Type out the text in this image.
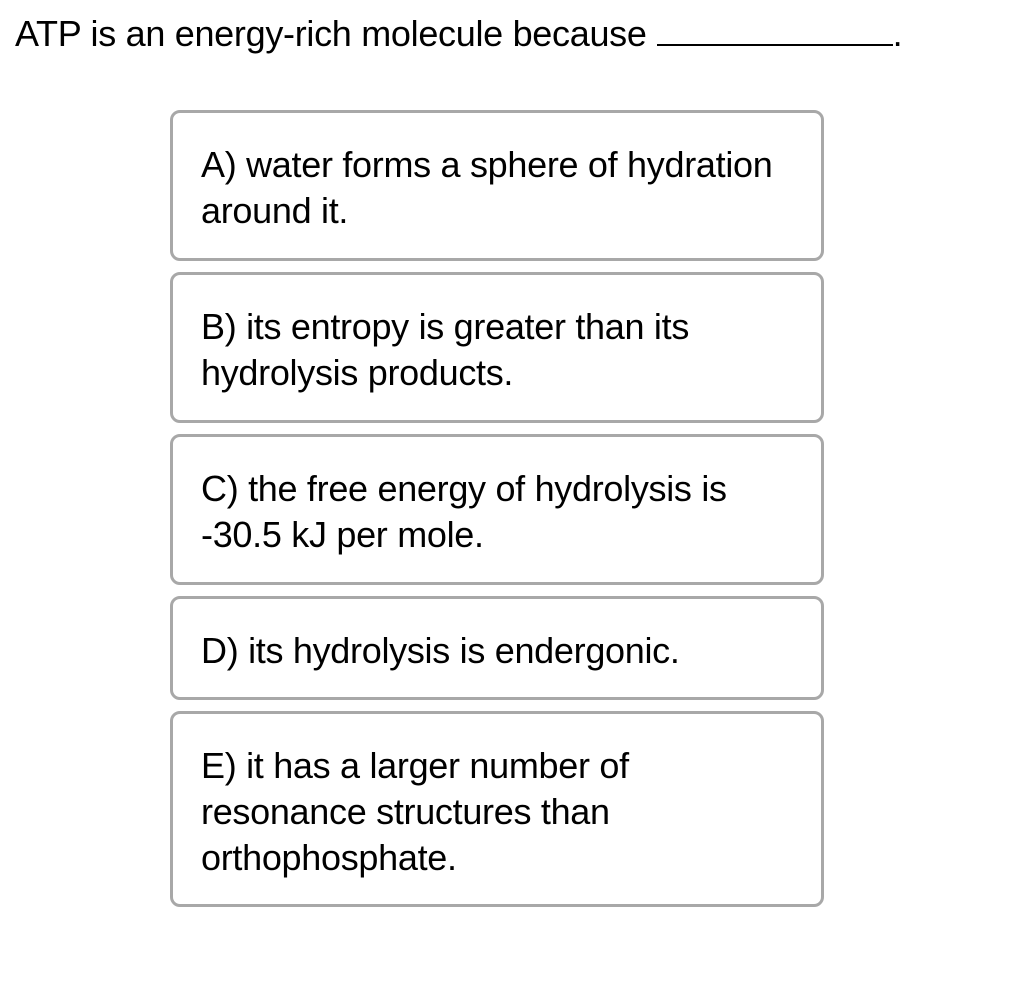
ATP is an energy-rich molecule because	.
A) water forms a sphere of hydration around it.
B) its entropy is greater than its hydrolysis products.
C) the free energy of hydrolysis is -30.5 kJ per mole.
D) its hydrolysis is endergonic.
E) it has a larger number of resonance structures than orthophosphate.
